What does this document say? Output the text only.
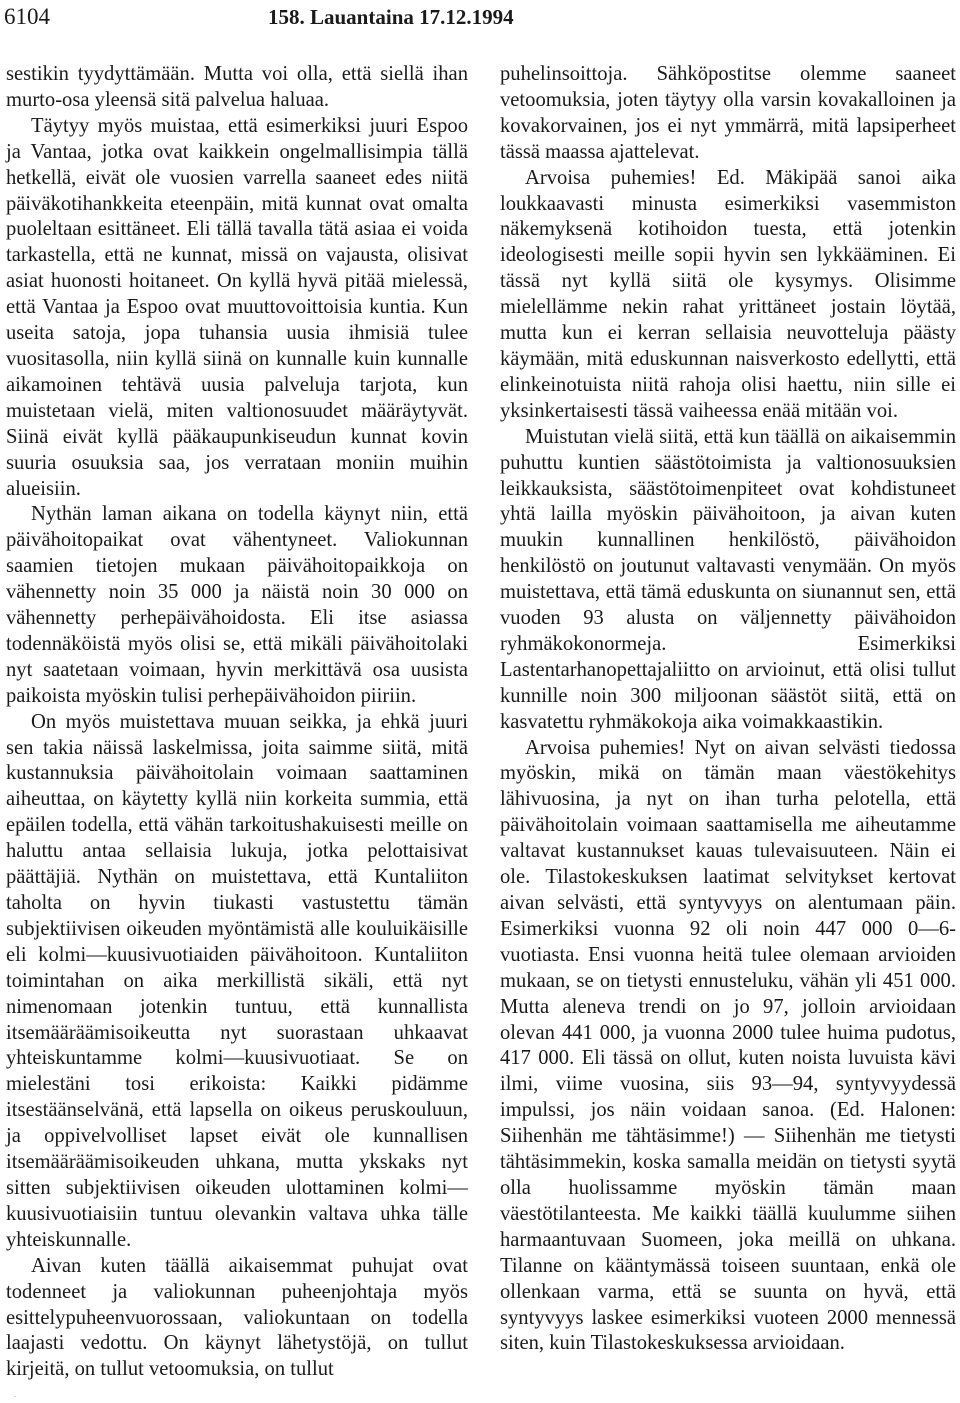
6104	158. Lauantaina 17.12.1994

sestikin tyydyttämään. Mutta voi olla, että siellä ihan murto-osa yleensä sitä palvelua haluaa.

Täytyy myös muistaa, että esimerkiksi juuri Espoo ja Vantaa, jotka ovat kaikkein ongelmallisimpia tällä hetkellä, eivät ole vuosien varrella saaneet edes niitä päiväkotihankkeita eteenpäin, mitä kunnat ovat omalta puoleltaan esittäneet. Eli tällä tavalla tätä asiaa ei voida tarkastella, että ne kunnat, missä on vajausta, olisivat asiat huonosti hoitaneet. On kyllä hyvä pitää mielessä, että Vantaa ja Espoo ovat muuttovoittoisia kuntia. Kun useita satoja, jopa tuhansia uusia ihmisiä tulee vuositasolla, niin kyllä siinä on kunnalle kuin kunnalle aikamoinen tehtävä uusia palveluja tarjota, kun muistetaan vielä, miten valtionosuudet määräytyvät. Siinä eivät kyllä pääkaupunkiseudun kunnat kovin suuria osuuksia saa, jos verrataan moniin muihin alueisiin.

Nythän laman aikana on todella käynyt niin, että päivähoitopaikat ovat vähentyneet. Valiokunnan saamien tietojen mukaan päivähoitopaikkoja on vähennetty noin 35 000 ja näistä noin 30 000 on vähennetty perhepäivähoidosta. Eli itse asiassa todennäköistä myös olisi se, että mikäli päivähoitolaki nyt saatetaan voimaan, hyvin merkittävä osa uusista paikoista myöskin tulisi perhepäivähoidon piiriin.

On myös muistettava muuan seikka, ja ehkä juuri sen takia näissä laskelmissa, joita saimme siitä, mitä kustannuksia päivähoitolain voimaan saattaminen aiheuttaa, on käytetty kyllä niin korkeita summia, että epäilen todella, että vähän tarkoitushakuisesti meille on haluttu antaa sellaisia lukuja, jotka pelottaisivat päättäjiä. Nythän on muistettava, että Kuntaliiton taholta on hyvin tiukasti vastustettu tämän subjektiivisen oikeuden myöntämistä alle kouluikäisille eli kolmi—kuusivuotiaiden päivähoitoon. Kuntaliiton toimintahan on aika merkillistä sikäli, että nyt nimenomaan jotenkin tuntuu, että kunnallista itsemääräämisoikeutta nyt suorastaan uhkaavat yhteiskuntamme kolmi—kuusivuotiaat. Se on mielestäni tosi erikoista: Kaikki pidämme itsestäänselvänä, että lapsella on oikeus peruskouluun, ja oppivelvolliset lapset eivät ole kunnallisen itsemääräämisoikeuden uhkana, mutta ykskaks nyt sitten subjektiivisen oikeuden ulottaminen kolmi—kuusivuotiaisiin tuntuu olevankin valtava uhka tälle yhteiskunnalle.

Aivan kuten täällä aikaisemmat puhujat ovat todenneet ja valiokunnan puheenjohtaja myös esittelypuheenvuorossaan, valiokuntaan on todella laajasti vedottu. On käynyt lähetystöjä, on tullut kirjeitä, on tullut vetoomuksia, on tullut

puhelinsoittoja. Sähköpostitse olemme saaneet vetoomuksia, joten täytyy olla varsin kovakalloinen ja kovakorvainen, jos ei nyt ymmärrä, mitä lapsiperheet tässä maassa ajattelevat.

Arvoisa puhemies! Ed. Mäkipää sanoi aika loukkaavasti minusta esimerkiksi vasemmiston näkemyksenä kotihoidon tuesta, että jotenkin ideologisesti meille sopii hyvin sen lykkääminen. Ei tässä nyt kyllä siitä ole kysymys. Olisimme mielellämme nekin rahat yrittäneet jostain löytää, mutta kun ei kerran sellaisia neuvotteluja päästy käymään, mitä eduskunnan naisverkosto edellytti, että elinkeinotuista niitä rahoja olisi haettu, niin sille ei yksinkertaisesti tässä vaiheessa enää mitään voi.

Muistutan vielä siitä, että kun täällä on aikaisemmin puhuttu kuntien säästötoimista ja valtionosuuksien leikkauksista, säästötoimenpiteet ovat kohdistuneet yhtä lailla myöskin päivähoitoon, ja aivan kuten muukin kunnallinen henkilöstö, päivähoidon henkilöstö on joutunut valtavasti venymään. On myös muistettava, että tämä eduskunta on siunannut sen, että vuoden 93 alusta on väljennetty päivähoidon ryhmäkokonormeja. Esimerkiksi Lastentarhanopettajaliitto on arvioinut, että olisi tullut kunnille noin 300 miljoonan säästöt siitä, että on kasvatettu ryhmäkokoja aika voimakkaastikin.

Arvoisa puhemies! Nyt on aivan selvästi tiedossa myöskin, mikä on tämän maan väestökehitys lähivuosina, ja nyt on ihan turha pelotella, että päivähoitolain voimaan saattamisella me aiheutamme valtavat kustannukset kauas tulevaisuuteen. Näin ei ole. Tilastokeskuksen laatimat selvitykset kertovat aivan selvästi, että syntyvyys on alentumaan päin. Esimerkiksi vuonna 92 oli noin 447 000 0—6-vuotiasta. Ensi vuonna heitä tulee olemaan arvioiden mukaan, se on tietysti ennusteluku, vähän yli 451 000. Mutta aleneva trendi on jo 97, jolloin arvioidaan olevan 441 000, ja vuonna 2000 tulee huima pudotus, 417 000. Eli tässä on ollut, kuten noista luvuista kävi ilmi, viime vuosina, siis 93—94, syntyvyydessä impulssi, jos näin voidaan sanoa. (Ed. Halonen: Siihenhän me tähtäsimme!) — Siihenhän me tietysti tähtäsimmekin, koska samalla meidän on tietysti syytä olla huolissamme myöskin tämän maan väestötilanteesta. Me kaikki täällä kuulumme siihen harmaantuvaan Suomeen, joka meillä on uhkana. Tilanne on kääntymässä toiseen suuntaan, enkä ole ollenkaan varma, että se suunta on hyvä, että syntyvyys laskee esimerkiksi vuoteen 2000 mennessä siten, kuin Tilastokeskuksessa arvioidaan.

.
